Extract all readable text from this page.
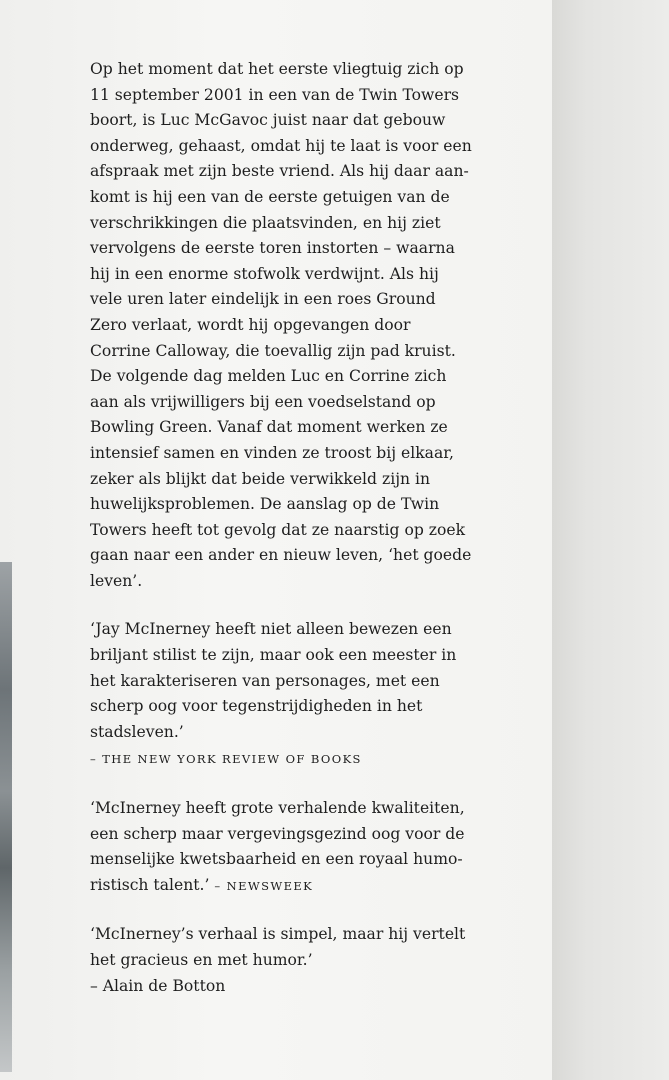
Op het moment dat het eerste vliegtuig zich op
11 september 2001 in een van de Twin Towers
boort, is Luc McGavoc juist naar dat gebouw
onderweg, gehaast, omdat hij te laat is voor een
afspraak met zijn beste vriend. Als hij daar aan-
komt is hij een van de eerste getuigen van de
verschrikkingen die plaatsvinden, en hij ziet
vervolgens de eerste toren instorten – waarna
hij in een enorme stofwolk verdwijnt. Als hij
vele uren later eindelijk in een roes Ground
Zero verlaat, wordt hij opgevangen door
Corrine Calloway, die toevallig zijn pad kruist.
De volgende dag melden Luc en Corrine zich
aan als vrijwilligers bij een voedselstand op
Bowling Green. Vanaf dat moment werken ze
intensief samen en vinden ze troost bij elkaar,
zeker als blijkt dat beide verwikkeld zijn in
huwelijksproblemen. De aanslag op de Twin
Towers heeft tot gevolg dat ze naarstig op zoek
gaan naar een ander en nieuw leven, ‘het goede
leven’.
‘Jay McInerney heeft niet alleen bewezen een
briljant stilist te zijn, maar ook een meester in
het karakteriseren van personages, met een
scherp oog voor tegenstrijdigheden in het
stadsleven.’
– THE NEW YORK REVIEW OF BOOKS
‘McInerney heeft grote verhalende kwaliteiten,
een scherp maar vergevingsgezind oog voor de
menselijke kwetsbaarheid en een royaal humo-
ristisch talent.’ – NEWSWEEK
‘McInerney’s verhaal is simpel, maar hij vertelt
het gracieus en met humor.’
– Alain de Botton
